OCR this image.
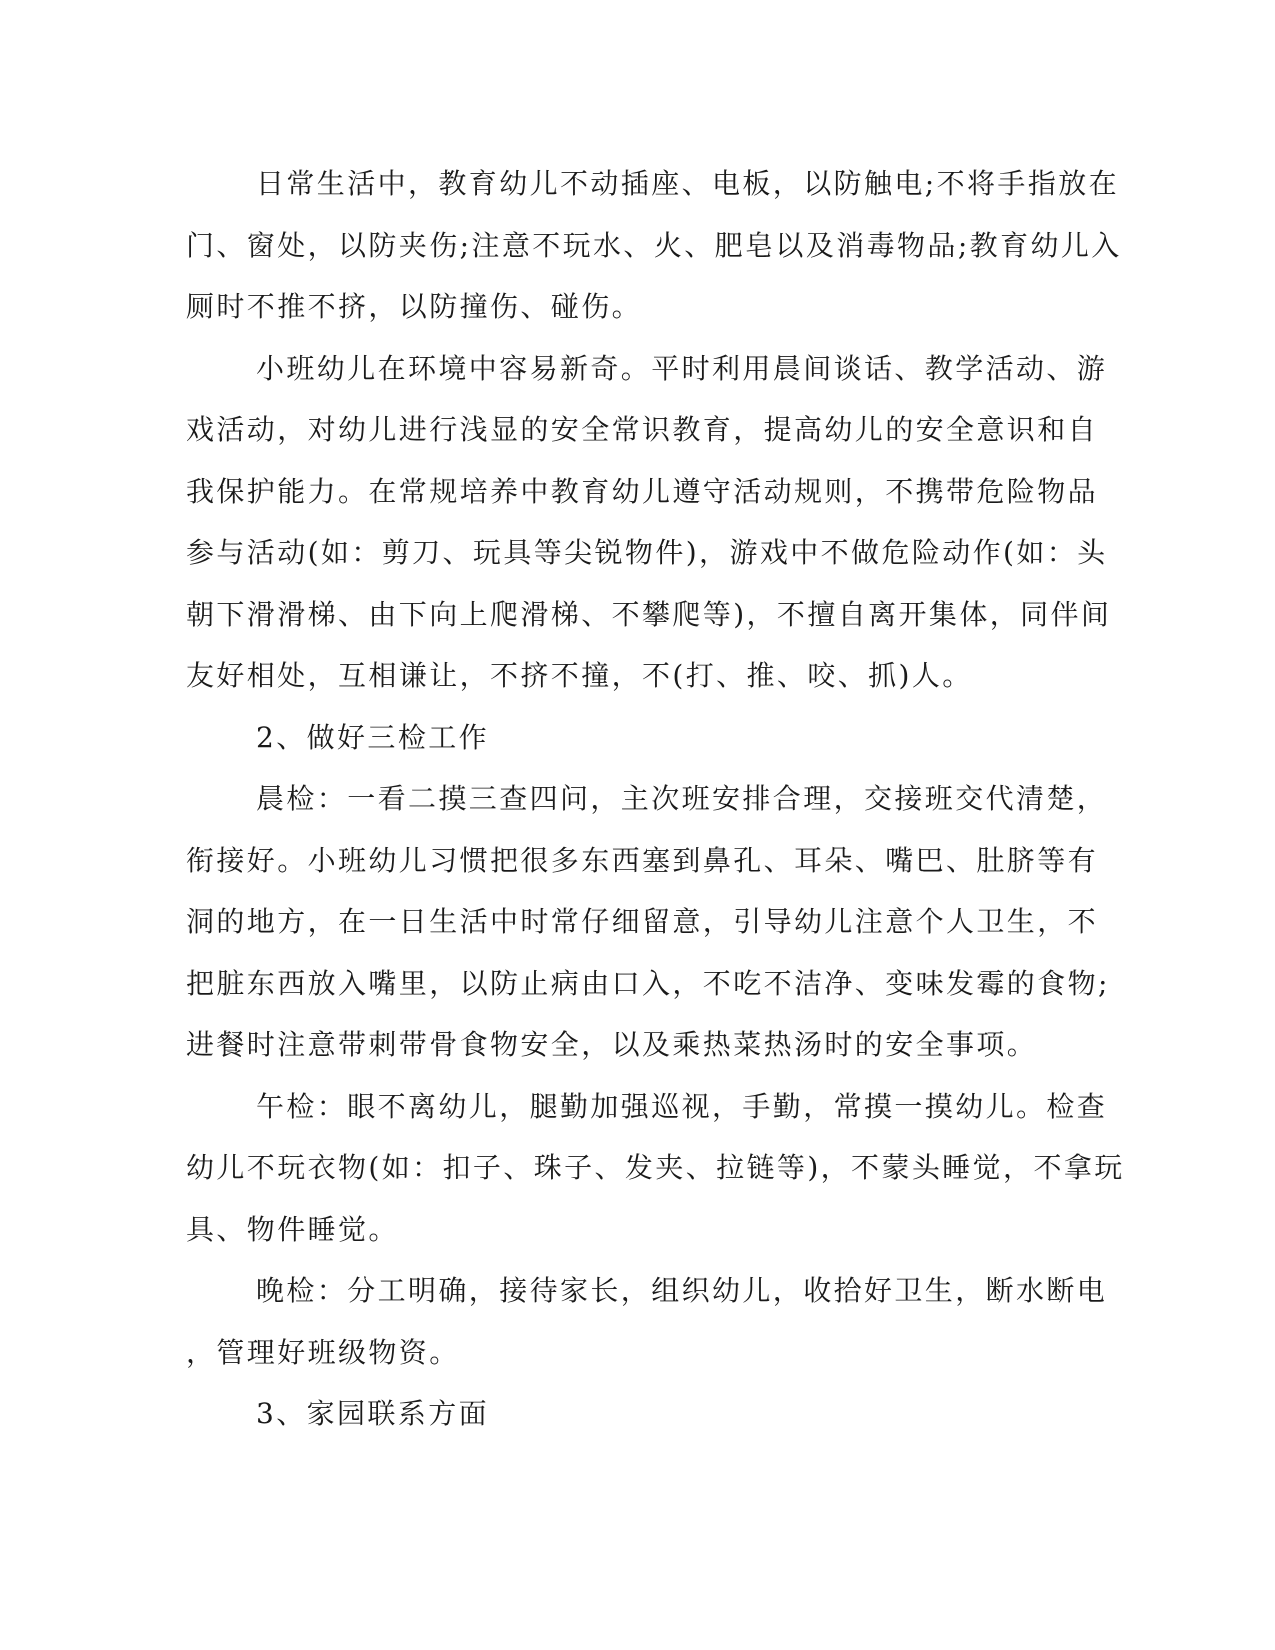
日常生活中，教育幼儿不动插座、电板，以防触电;不将手指放在
门、窗处，以防夹伤;注意不玩水、火、肥皂以及消毒物品;教育幼儿入
厕时不推不挤，以防撞伤、碰伤。
小班幼儿在环境中容易新奇。平时利用晨间谈话、教学活动、游
戏活动，对幼儿进行浅显的安全常识教育，提高幼儿的安全意识和自
我保护能力。在常规培养中教育幼儿遵守活动规则，不携带危险物品
参与活动(如：剪刀、玩具等尖锐物件)，游戏中不做危险动作(如：头
朝下滑滑梯、由下向上爬滑梯、不攀爬等)，不擅自离开集体，同伴间
友好相处，互相谦让，不挤不撞，不(打、推、咬、抓)人。
2、做好三检工作
晨检：一看二摸三查四问，主次班安排合理，交接班交代清楚，
衔接好。小班幼儿习惯把很多东西塞到鼻孔、耳朵、嘴巴、肚脐等有
洞的地方，在一日生活中时常仔细留意，引导幼儿注意个人卫生，不
把脏东西放入嘴里，以防止病由口入，不吃不洁净、变味发霉的食物;
进餐时注意带刺带骨食物安全，以及乘热菜热汤时的安全事项。
午检：眼不离幼儿，腿勤加强巡视，手勤，常摸一摸幼儿。检查
幼儿不玩衣物(如：扣子、珠子、发夹、拉链等)，不蒙头睡觉，不拿玩
具、物件睡觉。
晚检：分工明确，接待家长，组织幼儿，收拾好卫生，断水断电
，管理好班级物资。
3、家园联系方面
